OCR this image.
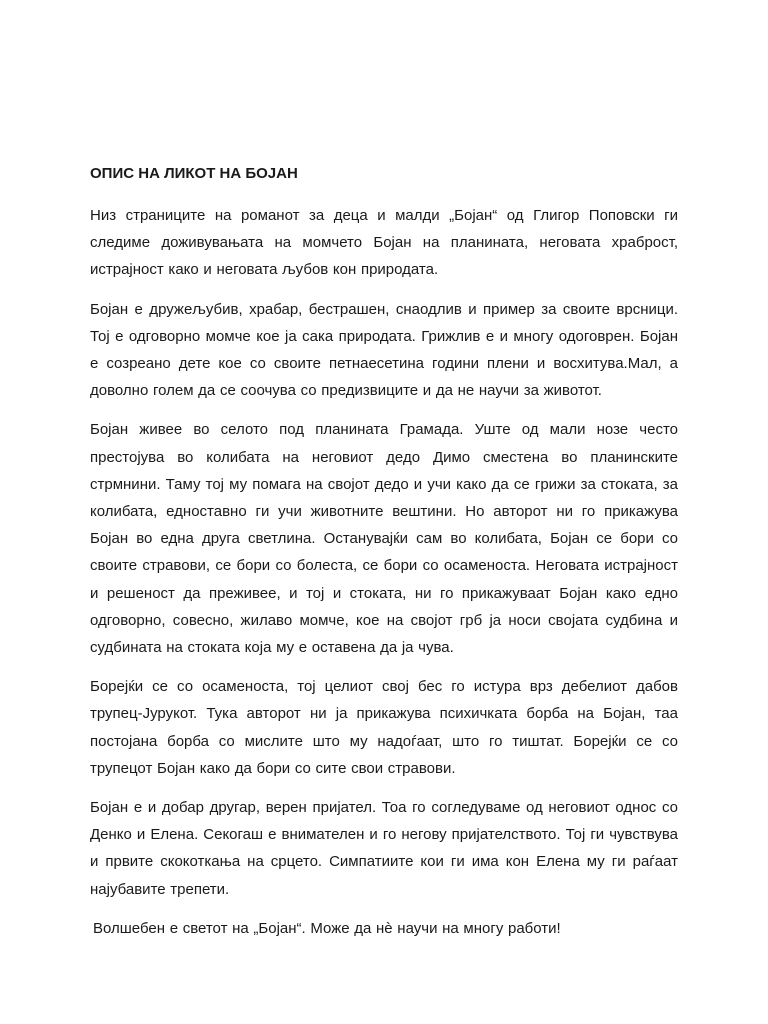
ОПИС НА ЛИКОТ НА БОЈАН

Низ страниците на романот за деца и малди „Бојан“ од Глигор Поповски ги следиме доживувањата на момчето Бојан на планината, неговата храброст, истрајност како и неговата љубов кон природата.

Бојан е дружељубив, храбар, бестрашен, снаодлив и пример за своите врсници. Тој е одговорно момче кое ја сака природата. Грижлив е и многу одоговрен. Бојан е созреано дете кое со своите петнаесетина години плени и восхитува.Мал, а доволно голем да се соочува со предизвиците и да не научи за животот.

Бојан живее во селото под планината Грамада. Уште од мали нозе често престојува во колибата на неговиот дедо Димо сместена во планинските стрмнини. Таму тој му помага на својот дедо и учи како да се грижи за стоката, за колибата, едноставно ги учи животните вештини. Но авторот ни го прикажува Бојан во една друга светлина. Останувајќи сам во колибата, Бојан се бори со своите стравови, се бори со болеста, се бори со осаменоста. Неговата истрајност и решеност да преживее, и тој и стоката, ни го прикажуваат Бојан како едно одговорно, совесно, жилаво момче, кое на својот грб ја носи својата судбина и судбината на стоката која му е оставена да ја чува.

Борејќи се со осаменоста, тој целиот свој бес го истура врз дебелиот дабов трупец-Јурукот. Тука авторот ни ја прикажува психичката борба на Бојан, таа постојана борба со мислите што му надоѓаат, што го тиштат. Борејќи се со трупецот Бојан како да бори со сите свои стравови.

Бојан е и добар другар, верен пријател. Тоа го согледуваме од неговиот однос со Денко и Елена. Секогаш е внимателен и го негову пријателството. Тој ги чувствува и првите скокоткања на срцето. Симпатиите кои ги има кон Елена му ги раѓаат најубавите трепети.

Волшебен е светот на „Бојан“. Може да нè научи на многу работи!
